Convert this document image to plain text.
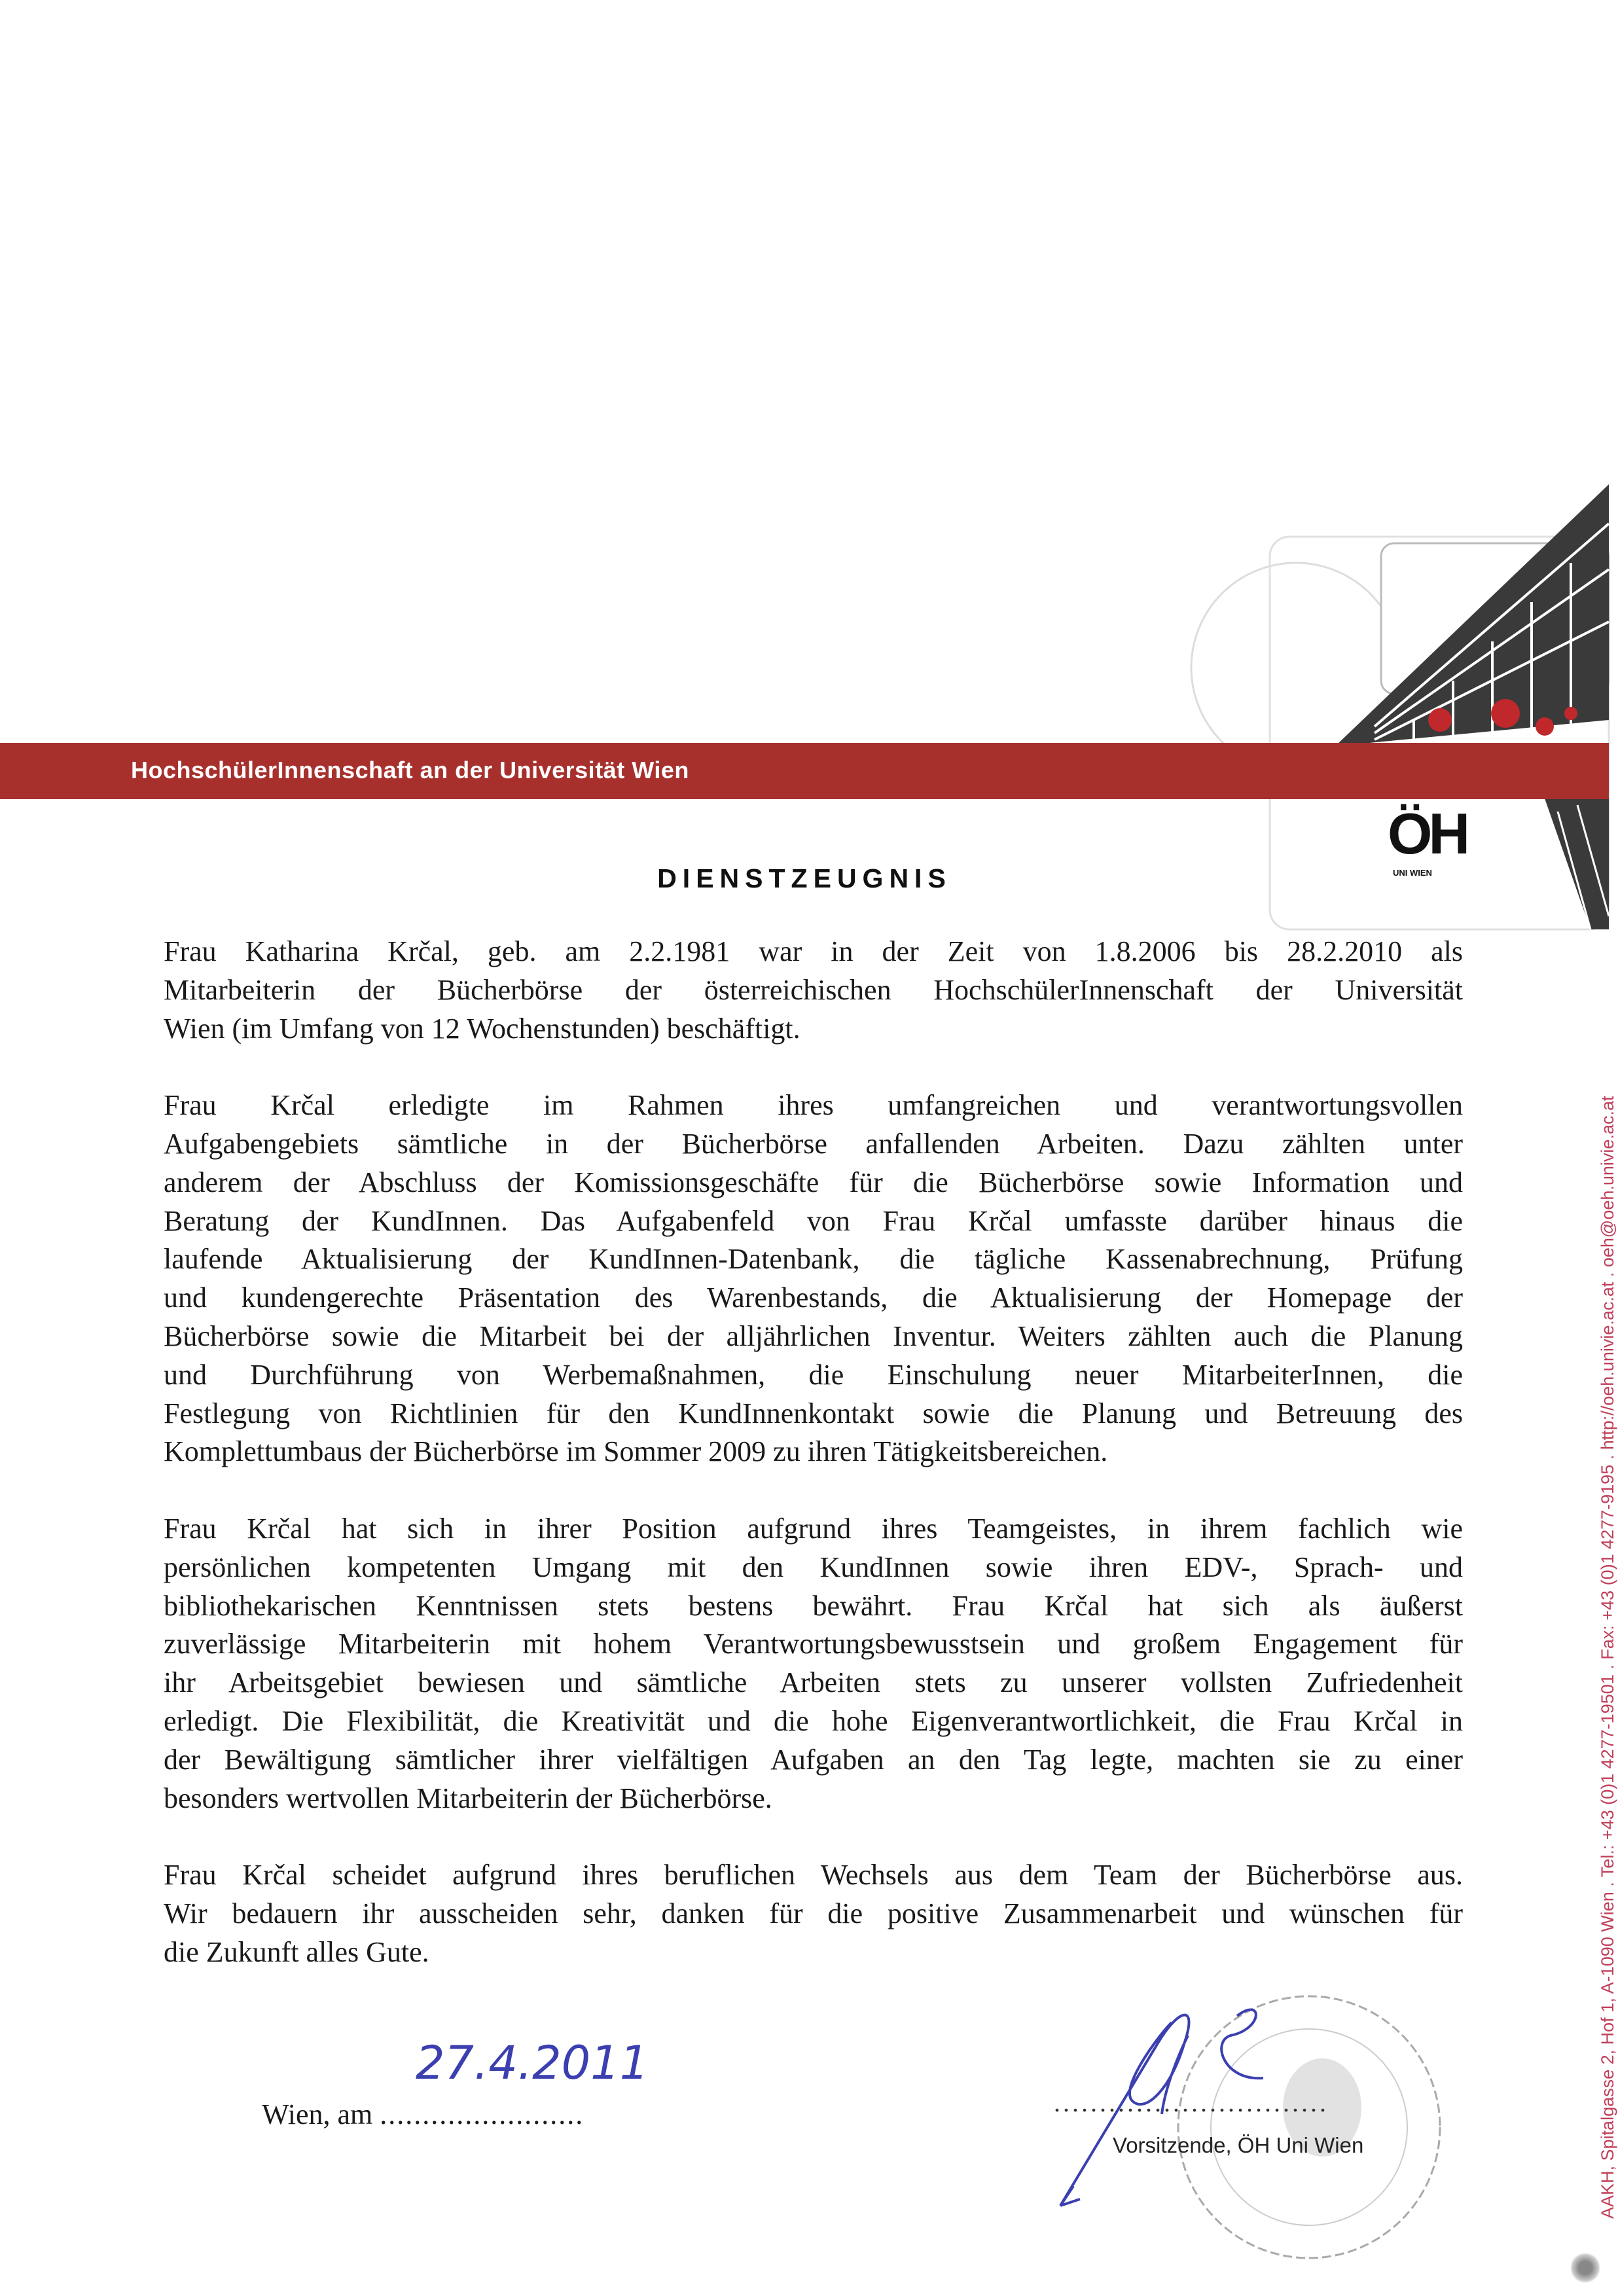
HochschülerInnenschaft an der Universität Wien
ÖH
UNI WIEN
DIENSTZEUGNIS
Frau Katharina Krčal, geb. am 2.2.1981 war in der Zeit von 1.8.2006 bis 28.2.2010 als
Mitarbeiterin der Bücherbörse der österreichischen HochschülerInnenschaft der Universität
Wien (im Umfang von 12 Wochenstunden) beschäftigt.
Frau Krčal erledigte im Rahmen ihres umfangreichen und verantwortungsvollen
Aufgabengebiets sämtliche in der Bücherbörse anfallenden Arbeiten. Dazu zählten unter
anderem der Abschluss der Komissionsgeschäfte für die Bücherbörse sowie Information und
Beratung der KundInnen. Das Aufgabenfeld von Frau Krčal umfasste darüber hinaus die
laufende Aktualisierung der KundInnen-Datenbank, die tägliche Kassenabrechnung, Prüfung
und kundengerechte Präsentation des Warenbestands, die Aktualisierung der Homepage der
Bücherbörse sowie die Mitarbeit bei der alljährlichen Inventur. Weiters zählten auch die Planung
und Durchführung von Werbemaßnahmen, die Einschulung neuer MitarbeiterInnen, die
Festlegung von Richtlinien für den KundInnenkontakt sowie die Planung und Betreuung des
Komplettumbaus der Bücherbörse im Sommer 2009 zu ihren Tätigkeitsbereichen.
Frau Krčal hat sich in ihrer Position aufgrund ihres Teamgeistes, in ihrem fachlich wie
persönlichen kompetenten Umgang mit den KundInnen sowie ihren EDV-, Sprach- und
bibliothekarischen Kenntnissen stets bestens bewährt. Frau Krčal hat sich als äußerst
zuverlässige Mitarbeiterin mit hohem Verantwortungsbewusstsein und großem Engagement für
ihr Arbeitsgebiet bewiesen und sämtliche Arbeiten stets zu unserer vollsten Zufriedenheit
erledigt. Die Flexibilität, die Kreativität und die hohe Eigenverantwortlichkeit, die Frau Krčal in
der Bewältigung sämtlicher ihrer vielfältigen Aufgaben an den Tag legte, machten sie zu einer
besonders wertvollen Mitarbeiterin der Bücherbörse.
Frau Krčal scheidet aufgrund ihres beruflichen Wechsels aus dem Team der Bücherbörse aus.
Wir bedauern ihr ausscheiden sehr, danken für die positive Zusammenarbeit und wünschen für
die Zukunft alles Gute.
27.4.2011
Wien, am ........................	..............................
Vorsitzende, ÖH Uni Wien	AAKH, Spitalgasse 2, Hof 1, A-1090 Wien . Tel.: +43 (0)1 4277-19501 . Fax: +43 (0)1 4277-9195 . http://oeh.univie.ac.at . oeh@oeh.univie.ac.at
